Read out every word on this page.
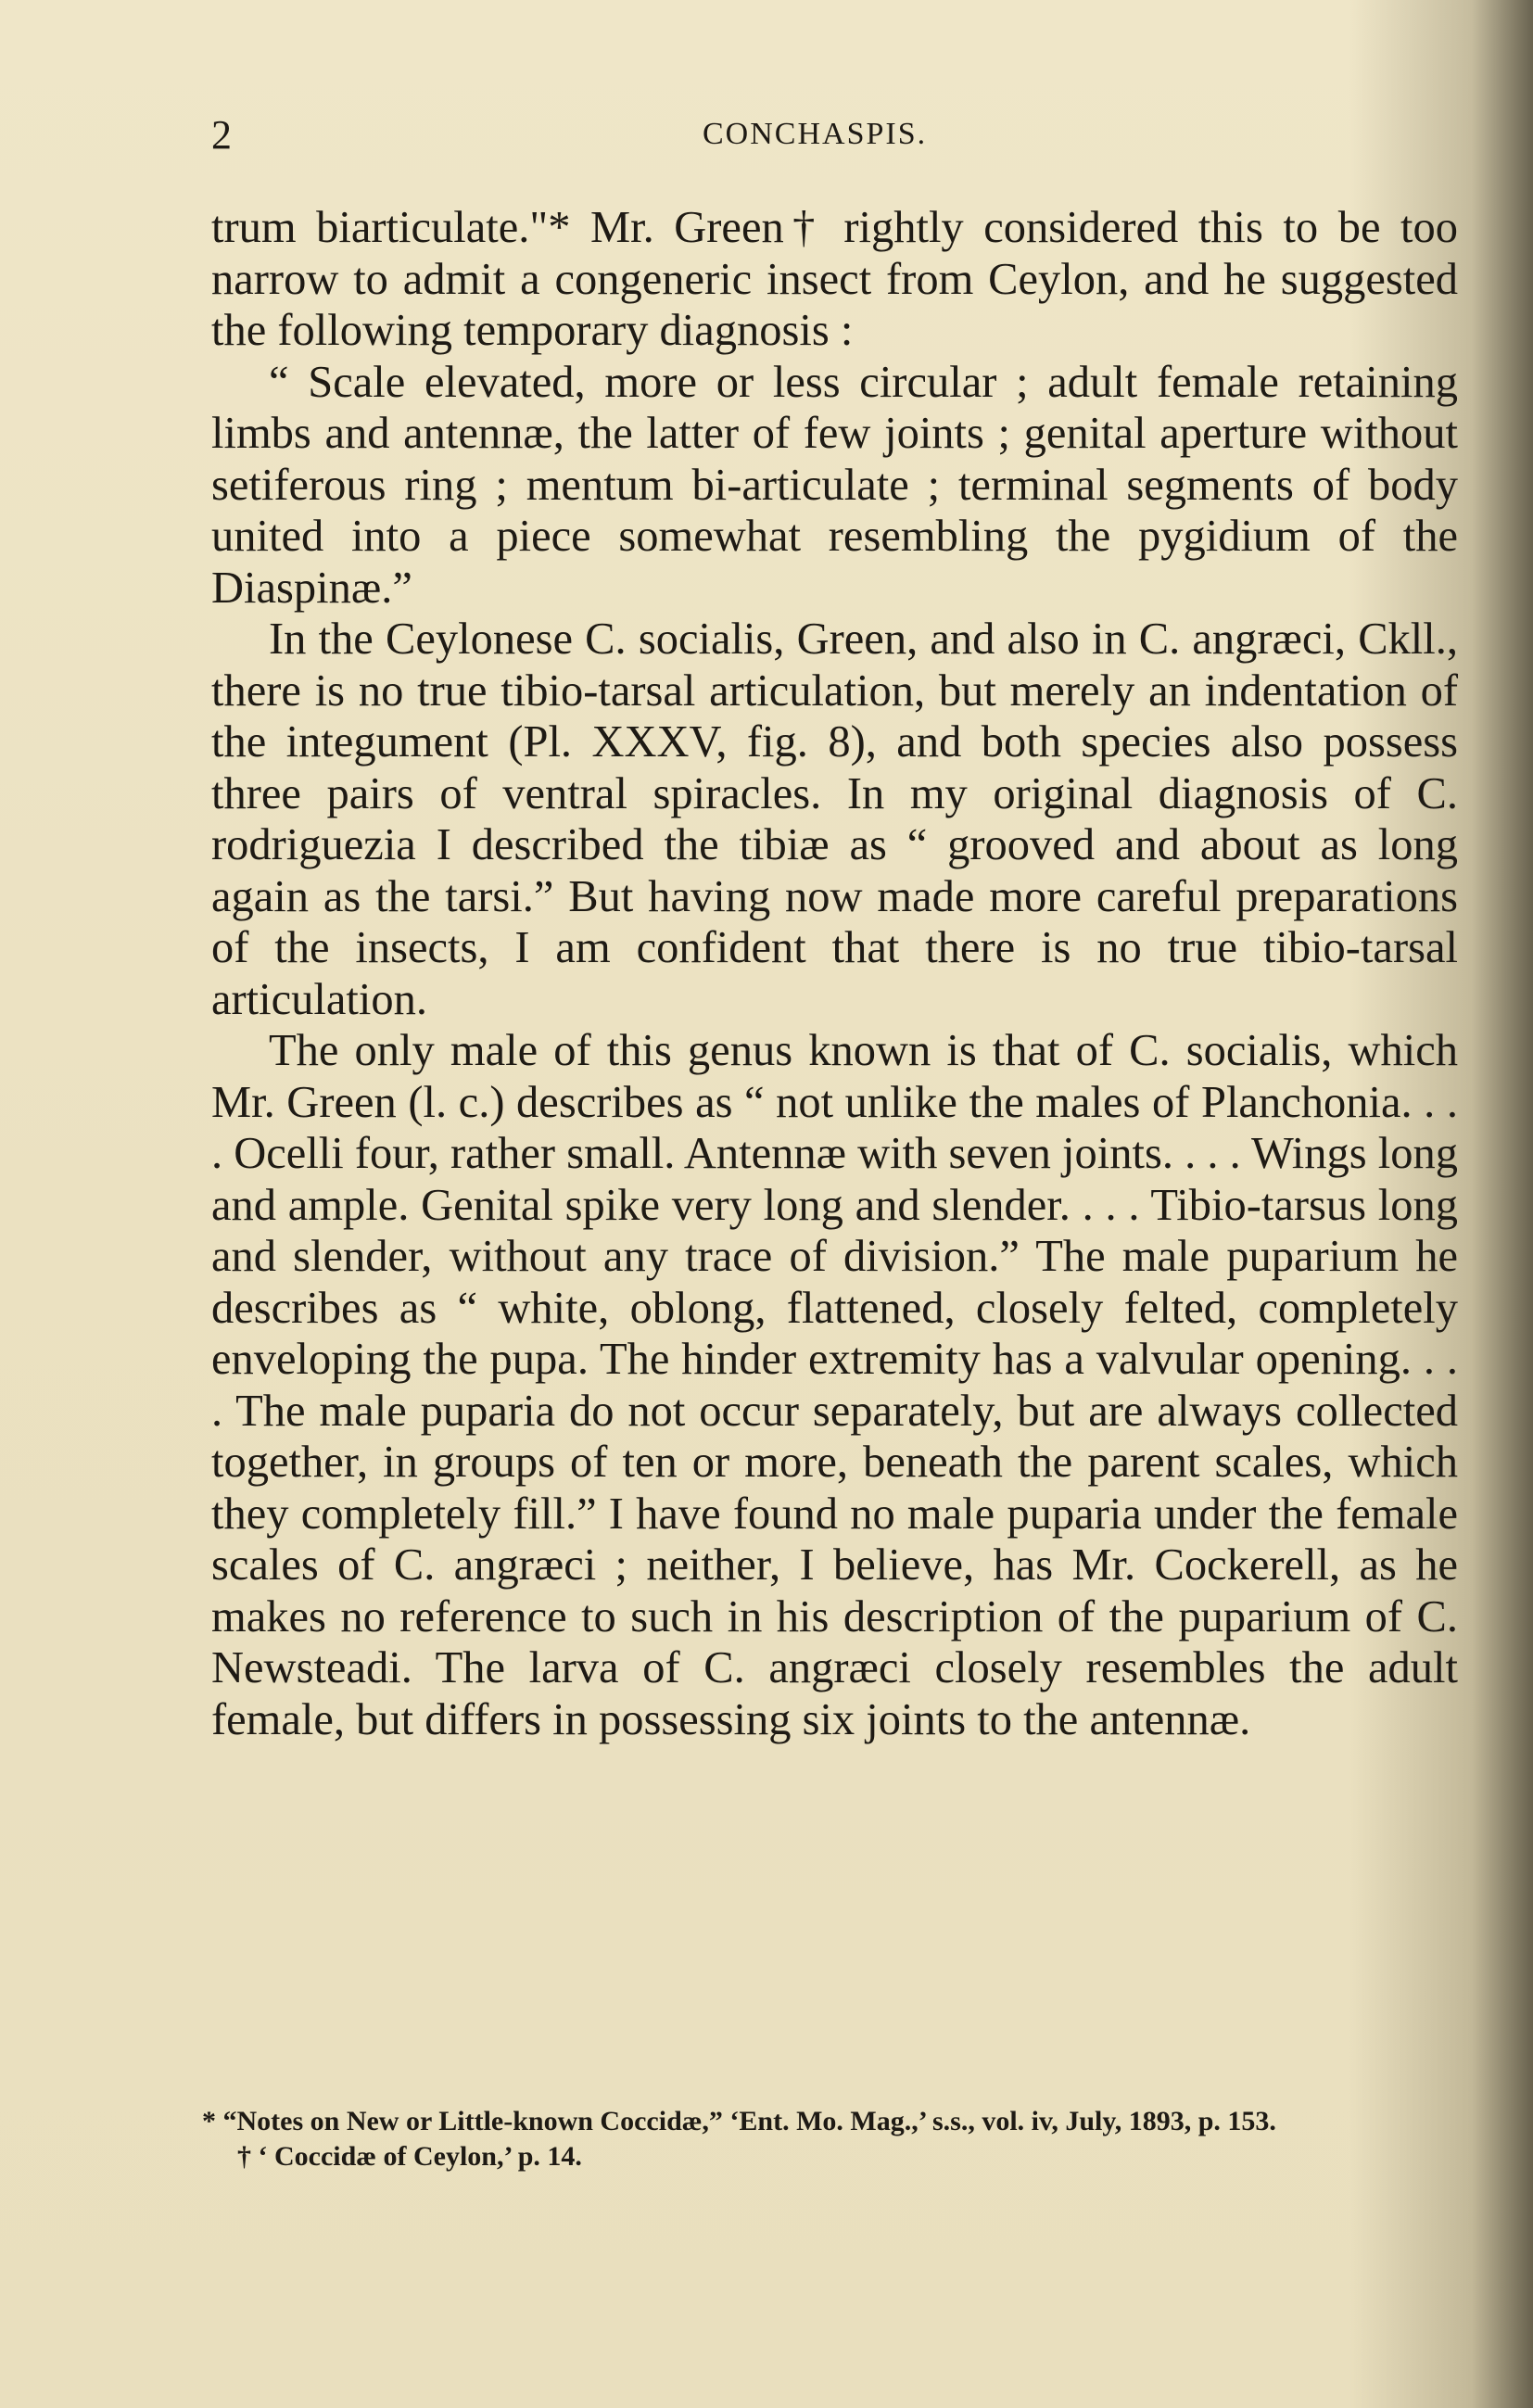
2	CONCHASPIS.

trum biarticulate."* Mr. Green† rightly considered this to be too narrow to admit a congeneric insect from Ceylon, and he suggested the following temporary diagnosis :

“ Scale elevated, more or less circular ; adult female retaining limbs and antennæ, the latter of few joints ; genital aperture without setiferous ring ; mentum bi-articulate ; terminal segments of body united into a piece somewhat resembling the pygidium of the Diaspinæ.”

In the Ceylonese C. socialis, Green, and also in C. angræci, Ckll., there is no true tibio-tarsal articulation, but merely an indentation of the integument (Pl. XXXV, fig. 8), and both species also possess three pairs of ventral spiracles. In my original diagnosis of C. rodriguezia I described the tibiæ as “ grooved and about as long again as the tarsi.” But having now made more careful preparations of the insects, I am confident that there is no true tibio-tarsal articulation.

The only male of this genus known is that of C. socialis, which Mr. Green (l. c.) describes as “ not unlike the males of Planchonia. . . . Ocelli four, rather small. Antennæ with seven joints. . . . Wings long and ample. Genital spike very long and slender. . . . Tibio-tarsus long and slender, without any trace of division.” The male puparium he describes as “ white, oblong, flattened, closely felted, completely enveloping the pupa. The hinder extremity has a valvular opening. . . . The male puparia do not occur separately, but are always collected together, in groups of ten or more, beneath the parent scales, which they completely fill.” I have found no male puparia under the female scales of C. angræci ; neither, I believe, has Mr. Cockerell, as he makes no reference to such in his description of the puparium of C. Newsteadi. The larva of C. angræci closely resembles the adult female, but differs in possessing six joints to the antennæ.

* “Notes on New or Little-known Coccidæ,” ‘Ent. Mo. Mag.,’ s.s., vol. iv, July, 1893, p. 153.

† ‘ Coccidæ of Ceylon,’ p. 14.
